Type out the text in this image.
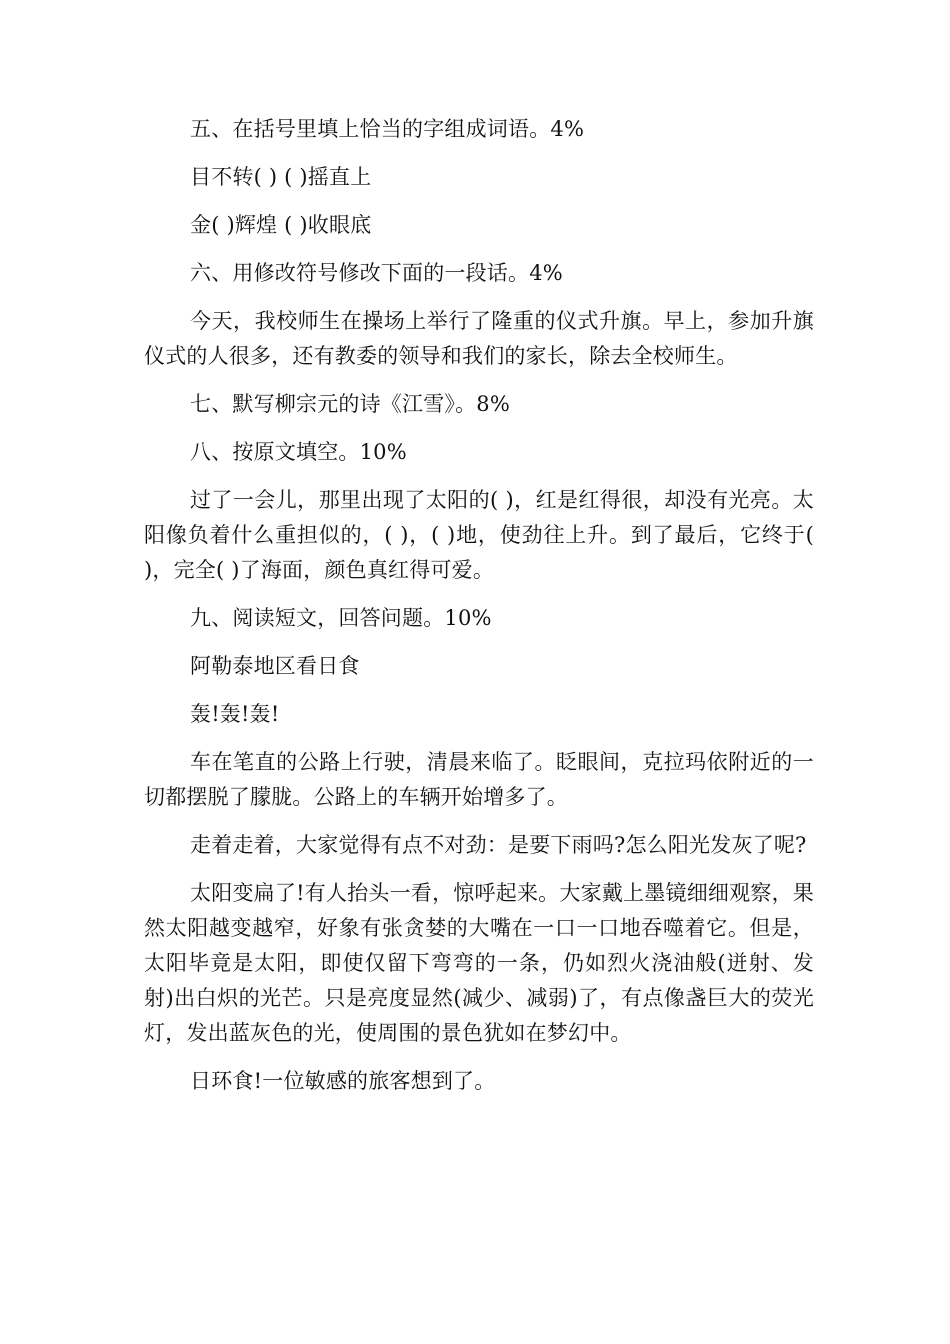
五、在括号里填上恰当的字组成词语。4%

目不转( ) ( )摇直上

金( )辉煌 ( )收眼底

六、用修改符号修改下面的一段话。4%

今天，我校师生在操场上举行了隆重的仪式升旗。早上，参加升旗仪式的人很多，还有教委的领导和我们的家长，除去全校师生。

七、默写柳宗元的诗《江雪》。8%

八、按原文填空。10%

过了一会儿，那里出现了太阳的( )，红是红得很，却没有光亮。太阳像负着什么重担似的，( )，( )地，使劲往上升。到了最后，它终于( )，完全( )了海面，颜色真红得可爱。

九、阅读短文，回答问题。10%

阿勒泰地区看日食

轰!轰!轰!

车在笔直的公路上行驶，清晨来临了。眨眼间，克拉玛依附近的一切都摆脱了朦胧。公路上的车辆开始增多了。

走着走着，大家觉得有点不对劲：是要下雨吗?怎么阳光发灰了呢?

太阳变扁了!有人抬头一看，惊呼起来。大家戴上墨镜细细观察，果然太阳越变越窄，好象有张贪婪的大嘴在一口一口地吞噬着它。但是，太阳毕竟是太阳，即使仅留下弯弯的一条，仍如烈火浇油般(迸射、发射)出白炽的光芒。只是亮度显然(减少、减弱)了，有点像盏巨大的荧光灯，发出蓝灰色的光，使周围的景色犹如在梦幻中。

日环食!一位敏感的旅客想到了。
